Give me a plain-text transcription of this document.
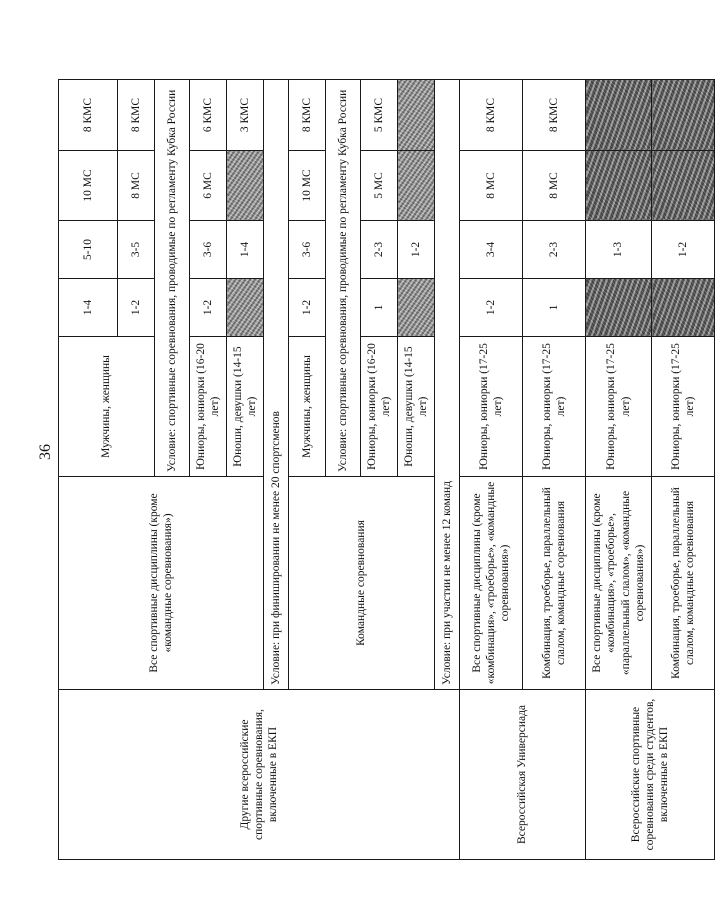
36
Другие всероссийские спортивные соревнования, включенные в ЕКП	Все спортивные дисциплины (кроме «командные соревнования»)	Мужчины, женщины	1-4	5-10	10 МС	8 КМС
			1-2	3-5	8 МС	8 КМС
		Условие: спортивные соревнования, проводимые по регламенту Кубка России				
		Юниоры, юниорки (16-20 лет)	1-2	3-6	6 МС	6 КМС
		Юноши, девушки (14-15 лет)		1-4		3 КМС
	Условие: при финишировании не менее 20 спортсменов					
	Командные соревнования	Мужчины, женщины	1-2	3-6	10 МС	8 КМС
		Условие: спортивные соревнования, проводимые по регламенту Кубка России				
		Юниоры, юниорки (16-20 лет)	1	2-3	5 МС	5 КМС
		Юноши, девушки (14-15 лет)		1-2		
	Условие: при участии не менее 12 команд					
Всероссийская Универсиада	Все спортивные дисциплины (кроме «комбинация», «троеборье», «командные соревнования»)	Юниоры, юниорки (17-25 лет)	1-2	3-4	8 МС	8 КМС
	Комбинация, троеборье, параллельный слалом, командные соревнования	Юниоры, юниорки (17-25 лет)	1	2-3	8 МС	8 КМС
Всероссийские спортивные соревнования среди студентов, включенные в ЕКП	Все спортивные дисциплины (кроме «комбинация», «троеборье», «параллельный слалом», «командные соревнования»)	Юниоры, юниорки (17-25 лет)		1-3		
	Комбинация, троеборье, параллельный слалом, командные соревнования	Юниоры, юниорки (17-25 лет)		1-2		
